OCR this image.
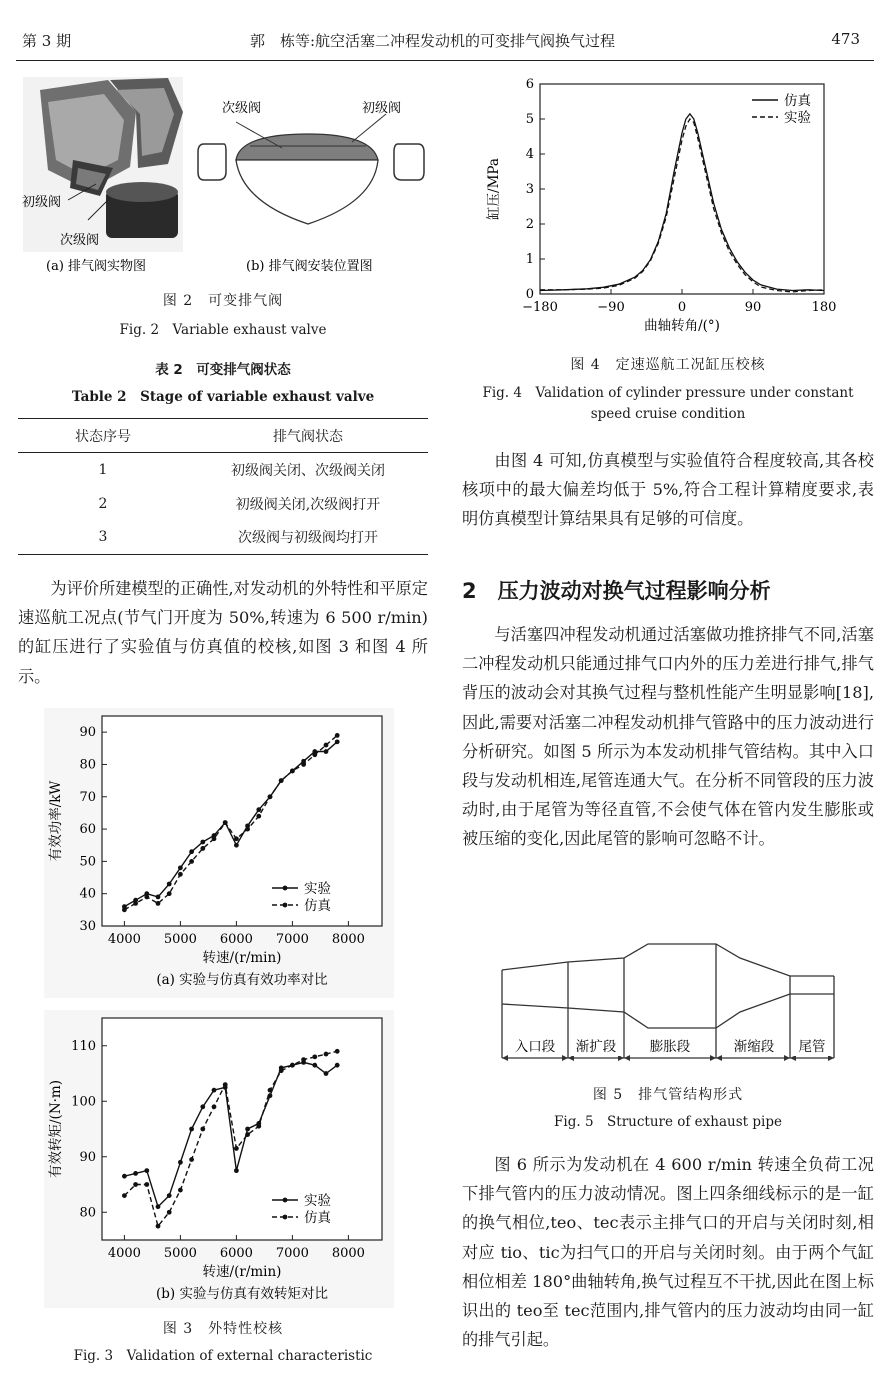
第 3 期	郭　栋等:航空活塞二冲程发动机的可变排气阀换气过程	473
初级阀
次级阀
次级阀	初级阀
(a) 排气阀实物图	(b) 排气阀安装位置图
图 2　可变排气阀
Fig. 2　Variable exhaust valve
表 2　可变排气阀状态
Table 2　Stage of variable exhaust valve
状态序号	排气阀状态
1	初级阀关闭、次级阀关闭
2	初级阀关闭,次级阀打开
3	次级阀与初级阀均打开
为评价所建模型的正确性,对发动机的外特性和平原定速巡航工况点(节气门开度为 50%,转速为 6 500 r/min)的缸压进行了实验值与仿真值的校核,如图 3 和图 4 所示。
4000 5000 6000 7000 8000
30
40
50
60
70
80
90
转速/(r/min)
有效功率/kW
(a) 实验与仿真有效功率对比
实验
仿真
4000 5000 6000 7000 8000
80
90
100
110
转速/(r/min)
有效转矩/(N·m)
(b) 实验与仿真有效转矩对比
实验
仿真
图 3　外特性校核
Fig. 3　Validation of external characteristic
−180	−90	0	90	180
0
1
2
3
4
5
6
曲轴转角/(°)
缸压/MPa
仿真
实验
图 4　定速巡航工况缸压校核
Fig. 4　Validation of cylinder pressure under constant
speed cruise condition
由图 4 可知,仿真模型与实验值符合程度较高,其各校核项中的最大偏差均低于 5%,符合工程计算精度要求,表明仿真模型计算结果具有足够的可信度。
2　压力波动对换气过程影响分析
与活塞四冲程发动机通过活塞做功推挤排气不同,活塞二冲程发动机只能通过排气口内外的压力差进行排气,排气背压的波动会对其换气过程与整机性能产生明显影响[18],因此,需要对活塞二冲程发动机排气管路中的压力波动进行分析研究。如图 5 所示为本发动机排气管结构。其中入口段与发动机相连,尾管连通大气。在分析不同管段的压力波动时,由于尾管为等径直管,不会使气体在管内发生膨胀或被压缩的变化,因此尾管的影响可忽略不计。
入口段 渐扩段 膨胀段	渐缩段 尾管
图 5　排气管结构形式
Fig. 5　Structure of exhaust pipe
图 6 所示为发动机在 4 600 r/min 转速全负荷工况下排气管内的压力波动情况。图上四条细线标示的是一缸的换气相位,teo、tec表示主排气口的开启与关闭时刻,相对应 tio、tic为扫气口的开启与关闭时刻。由于两个气缸相位相差 180°曲轴转角,换气过程互不干扰,因此在图上标识出的 teo至 tec范围内,排气管内的压力波动均由同一缸的排气引起。
